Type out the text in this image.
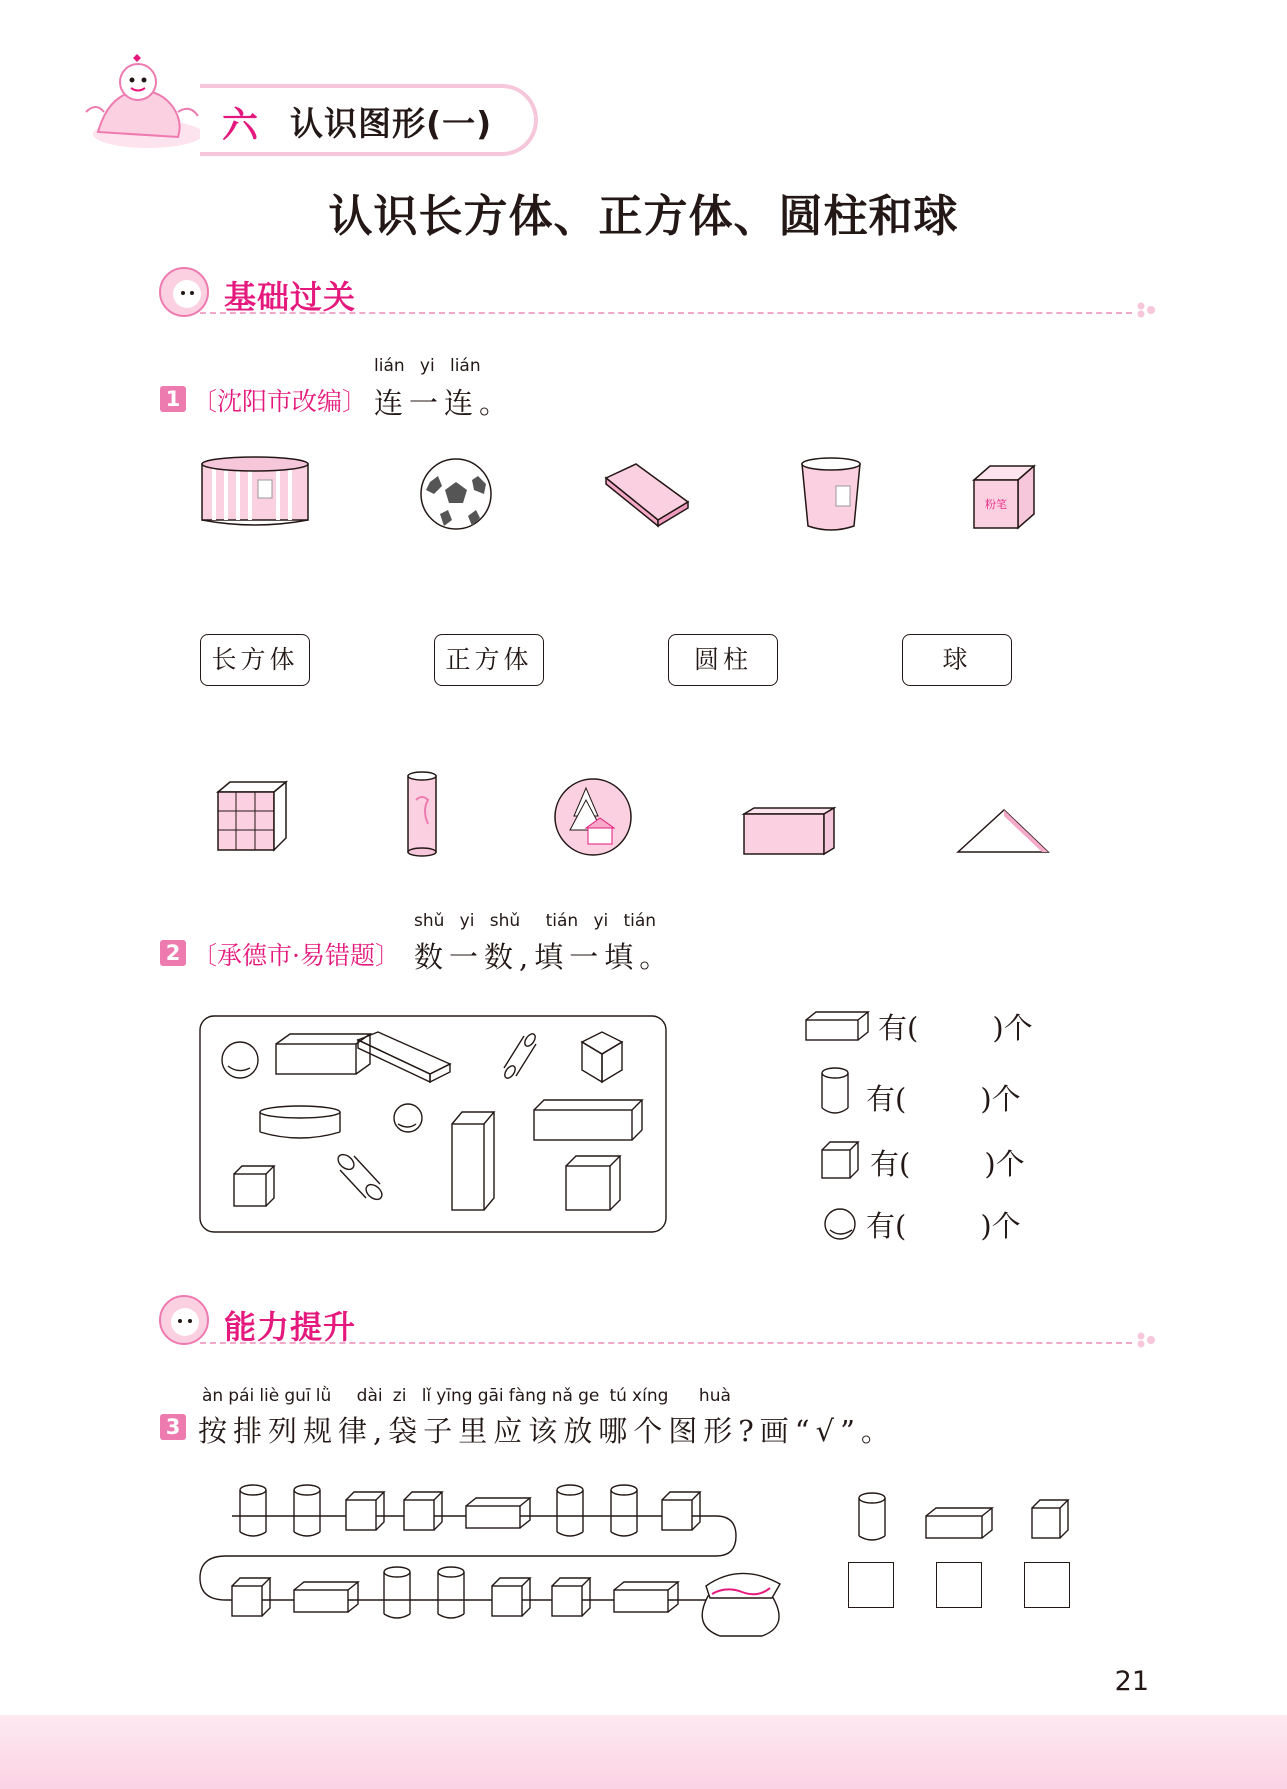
六 认识图形(一)
认识长方体、正方体、圆柱和球
基础过关
lián yi lián
1 〔沈阳市改编〕 连一连。
粉笔
长方体	正方体	圆柱	球
shǔ yi shǔ tián yi tián
2 〔承德市·易错题〕 数一数,填一填。
有(	)个
有(	)个
有(	)个
有(	)个
能力提升
àn pái liè guī lǜ dài zi lǐ yīng gāi fàng nǎ ge tú xíng huà
3 按排列规律,袋子里应该放哪个图形?画“√”。
21
